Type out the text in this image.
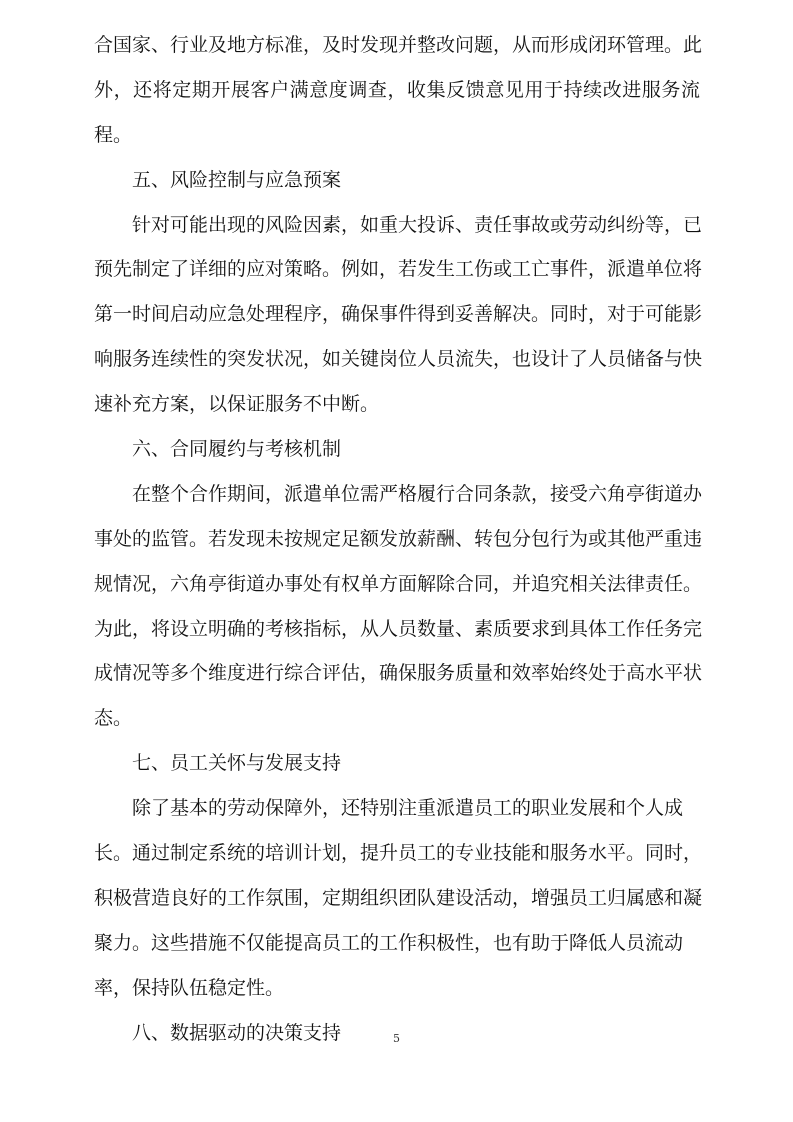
合国家、行业及地方标准，及时发现并整改问题，从而形成闭环管理。此
外，还将定期开展客户满意度调查，收集反馈意见用于持续改进服务流
程。
五、风险控制与应急预案
针对可能出现的风险因素，如重大投诉、责任事故或劳动纠纷等，已
预先制定了详细的应对策略。例如，若发生工伤或工亡事件，派遣单位将
第一时间启动应急处理程序，确保事件得到妥善解决。同时，对于可能影
响服务连续性的突发状况，如关键岗位人员流失，也设计了人员储备与快
速补充方案，以保证服务不中断。
六、合同履约与考核机制
在整个合作期间，派遣单位需严格履行合同条款，接受六角亭街道办
事处的监管。若发现未按规定足额发放薪酬、转包分包行为或其他严重违
规情况，六角亭街道办事处有权单方面解除合同，并追究相关法律责任。
为此，将设立明确的考核指标，从人员数量、素质要求到具体工作任务完
成情况等多个维度进行综合评估，确保服务质量和效率始终处于高水平状
态。
七、员工关怀与发展支持
除了基本的劳动保障外，还特别注重派遣员工的职业发展和个人成
长。通过制定系统的培训计划，提升员工的专业技能和服务水平。同时，
积极营造良好的工作氛围，定期组织团队建设活动，增强员工归属感和凝
聚力。这些措施不仅能提高员工的工作积极性，也有助于降低人员流动
率，保持队伍稳定性。
八、数据驱动的决策支持	5
